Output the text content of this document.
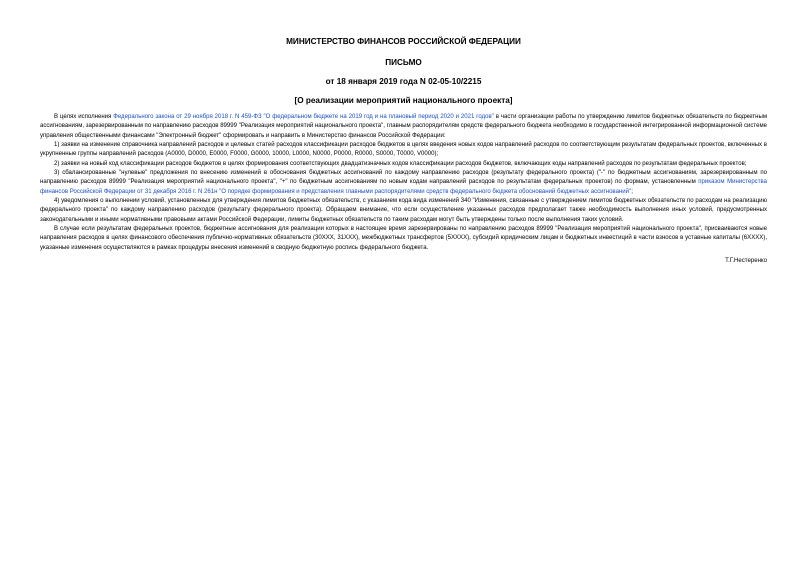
МИНИСТЕРСТВО ФИНАНСОВ РОССИЙСКОЙ ФЕДЕРАЦИИ
ПИСЬМО
от 18 января 2019 года N 02-05-10/2215
[О реализации мероприятий национального проекта]

В целях исполнения Федерального закона от 29 ноября 2018 г. N 459-ФЗ "О федеральном бюджете на 2019 год и на плановый период 2020 и 2021 годов" в части организации работы по утверждению лимитов бюджетных обязательств по бюджетным ассигнованиям, зарезервированным по направлению расходов 89999 "Реализация мероприятий национального проекта", главным распорядителям средств федерального бюджета необходимо в государственной интегрированной информационной системе управления общественными финансами "Электронный бюджет" сформировать и направить в Министерство финансов Российской Федерации:

1) заявки на изменение справочника направлений расходов и целевых статей расходов классификации расходов бюджетов в целях введения новых кодов направлений расходов по соответствующим результатам федеральных проектов, включенных в укрупненные группы направлений расходов (A0000, D0000, E0000, F0000, G0000, 10000, L0000, N0000, P0000, R0000, S0000, T0000, V0000);

2) заявки на новый код классификации расходов бюджетов в целях формирования соответствующих двадцатизначных кодов классификации расходов бюджетов, включающих коды направлений расходов по результатам федеральных проектов;

3) сбалансированные "нулевые" предложения по внесению изменений в обоснования бюджетных ассигнований по каждому направлению расходов (результату федерального проекта) ("-" по бюджетным ассигнованиям, зарезервированным по направлению расходов 89999 "Реализация мероприятий национального проекта", "+" по бюджетным ассигнованиям по новым кодам направлений расходов по результатам федеральных проектов) по формам, установленным приказом Министерства финансов Российской Федерации от 31 декабря 2016 г. N 261н "О порядке формирования и представления главными распорядителями средств федерального бюджета обоснований бюджетных ассигнований";

4) уведомления о выполнении условий, установленных для утверждения лимитов бюджетных обязательств, с указанием кода вида изменений 340 "Изменения, связанные с утверждением лимитов бюджетных обязательств по расходам на реализацию федерального проекта" по каждому направлению расходов (результату федерального проекта). Обращаем внимание, что если осуществление указанных расходов предполагает также необходимость выполнения иных условий, предусмотренных законодательными и иными нормативными правовыми актами Российской Федерации, лимиты бюджетных обязательств по таким расходам могут быть утверждены только после выполнения таких условий.

В случае если результатам федеральных проектов, бюджетные ассигнования для реализации которых в настоящее время зарезервированы по направлению расходов 89999 "Реализация мероприятий национального проекта", присваиваются новые направления расходов в целях финансового обеспечения публично-нормативных обязательств (30XXX, 31XXX), межбюджетных трансфертов (5XXXX), субсидий юридическим лицам и бюджетных инвестиций в части взносов в уставные капиталы (6XXXX), указанные изменения осуществляются в рамках процедуры внесения изменений в сводную бюджетную роспись федерального бюджета.

Т.Г.Нестеренко
